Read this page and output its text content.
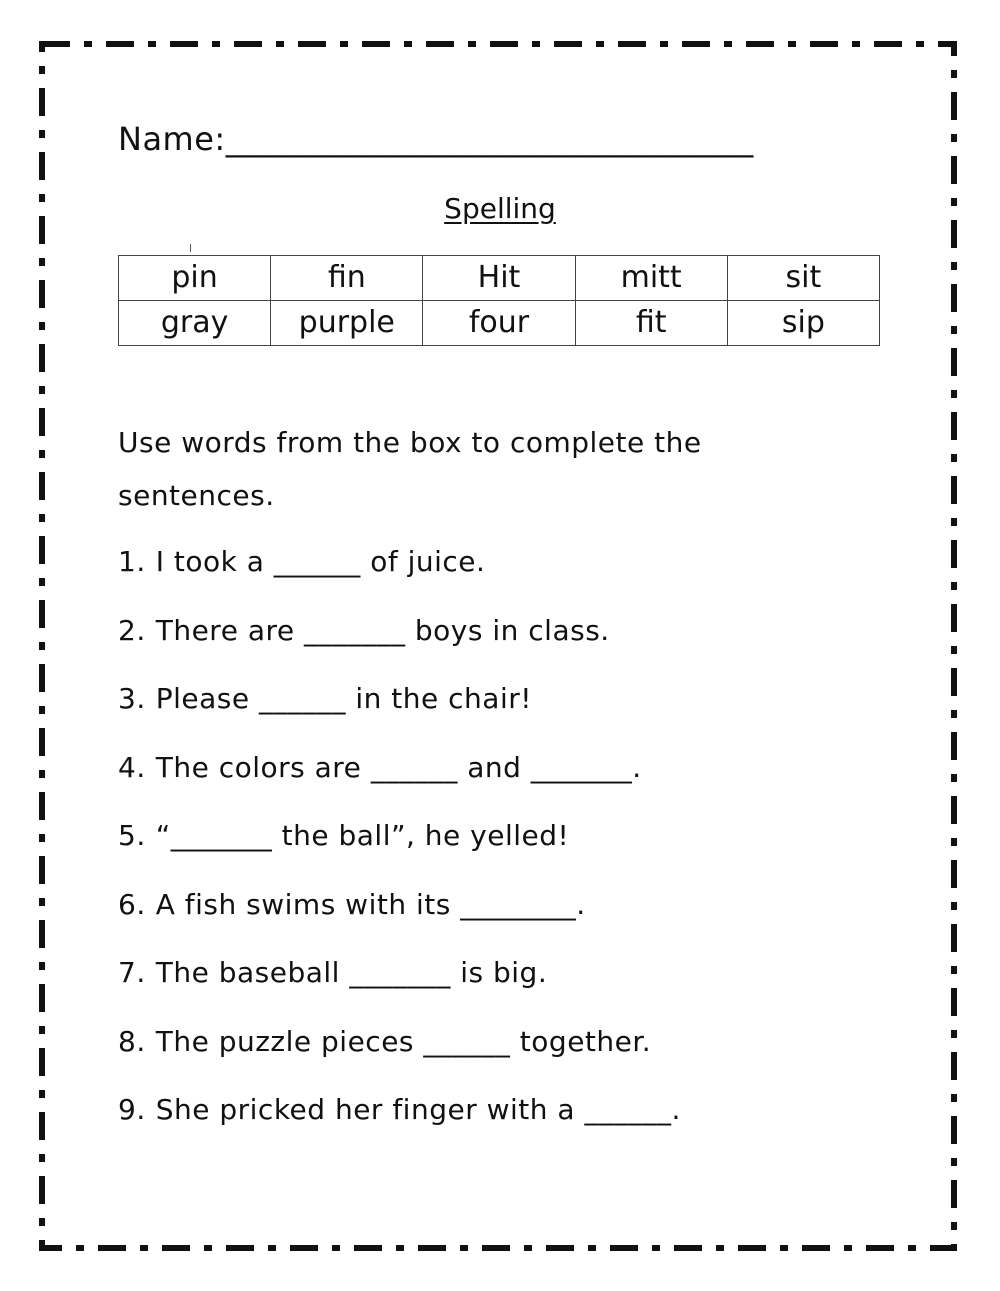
Name:________________________________
Spelling
pin	fin	Hit	mitt	sit
gray	purple	four	fit	sip
Use words from the box to complete the sentences.
1. I took a ______ of juice.
2. There are _______ boys in class.
3. Please ______ in the chair!
4. The colors are ______ and _______.
5. “_______ the ball”, he yelled!
6. A fish swims with its ________.
7. The baseball _______ is big.
8. The puzzle pieces ______ together.
9. She pricked her finger with a ______.
